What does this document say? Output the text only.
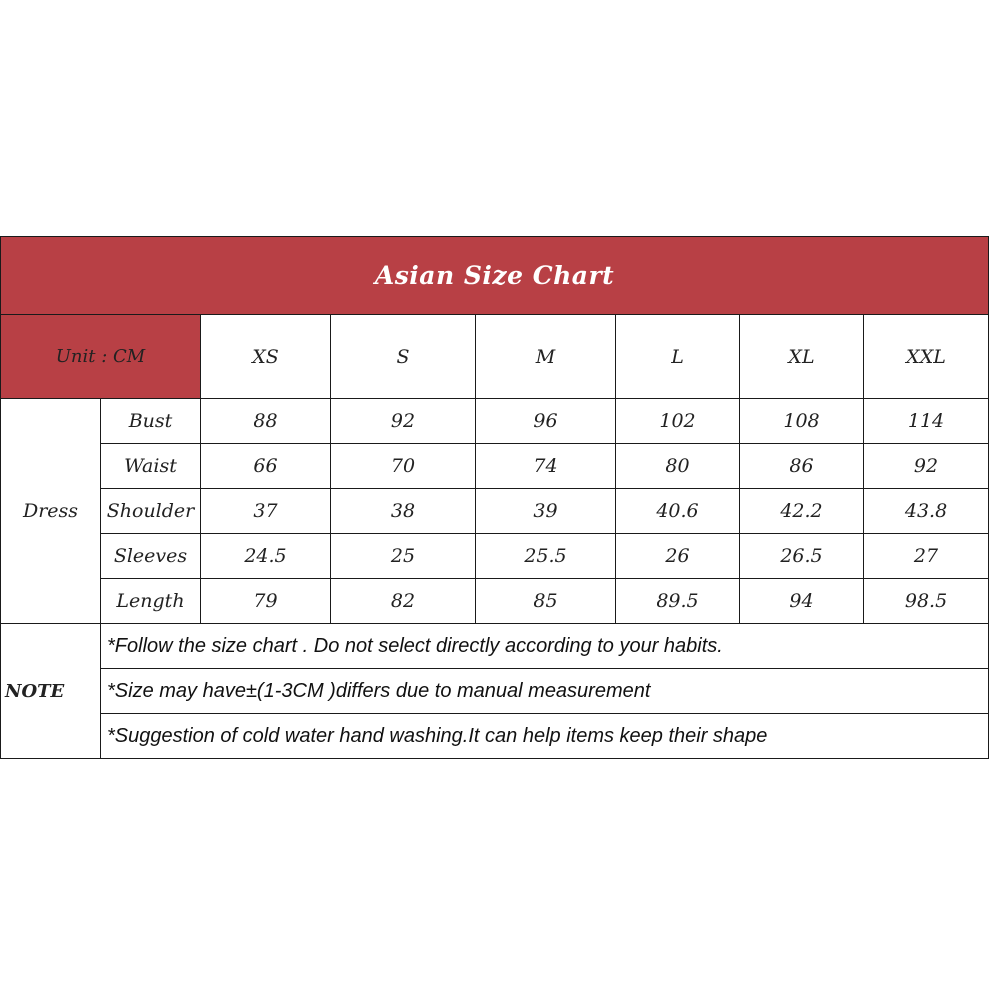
Asian Size Chart							
Unit : CM		XS	S	M	L	XL	XXL
Dress	Bust	88	92	96	102	108	114
	Waist	66	70	74	80	86	92
	Shoulder	37	38	39	40.6	42.2	43.8
	Sleeves	24.5	25	25.5	26	26.5	27
	Length	79	82	85	89.5	94	98.5
NOTE	*Follow the size chart . Do not select directly according to your habits.						
	*Size may have±(1-3CM )differs due to manual measurement						
	*Suggestion of cold water hand washing.It can help items keep their shape						
